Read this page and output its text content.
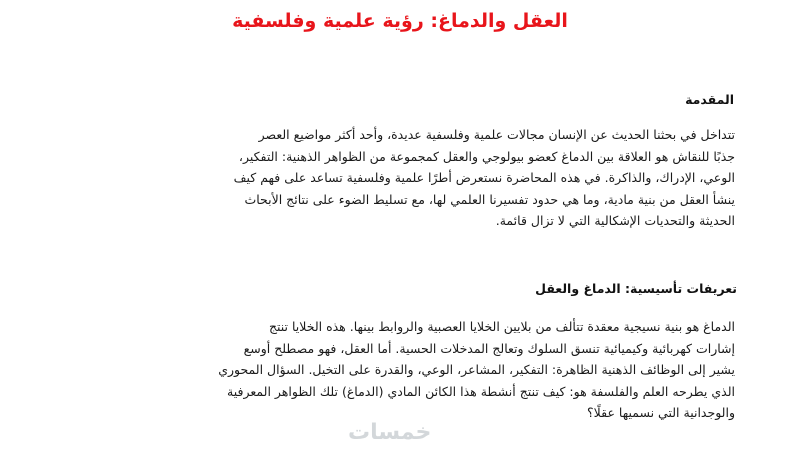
العقل والدماغ: رؤية علمية وفلسفية
المقدمة

تتداخل في بحثنا الحديث عن الإنسان مجالات علمية وفلسفية عديدة، وأحد أكثر مواضيع العصر
جذبًا للنقاش هو العلاقة بين الدماغ كعضو بيولوجي والعقل كمجموعة من الظواهر الذهنية: التفكير،
الوعي، الإدراك، والذاكرة. في هذه المحاضرة نستعرض أطرًا علمية وفلسفية تساعد على فهم كيف
ينشأ العقل من بنية مادية، وما هي حدود تفسيرنا العلمي لها، مع تسليط الضوء على نتائج الأبحاث
الحديثة والتحديات الإشكالية التي لا تزال قائمة.

تعريفات تأسيسية: الدماغ والعقل

الدماغ هو بنية نسيجية معقدة تتألف من بلايين الخلايا العصبية والروابط بينها. هذه الخلايا تنتج
إشارات كهربائية وكيميائية تنسق السلوك وتعالج المدخلات الحسية. أما العقل، فهو مصطلح أوسع
يشير إلى الوظائف الذهنية الظاهرة: التفكير، المشاعر، الوعي، والقدرة على التخيل. السؤال المحوري
الذي يطرحه العلم والفلسفة هو: كيف تنتج أنشطة هذا الكائن المادي (الدماغ) تلك الظواهر المعرفية
والوجدانية التي نسميها عقلًا؟

خمسات
